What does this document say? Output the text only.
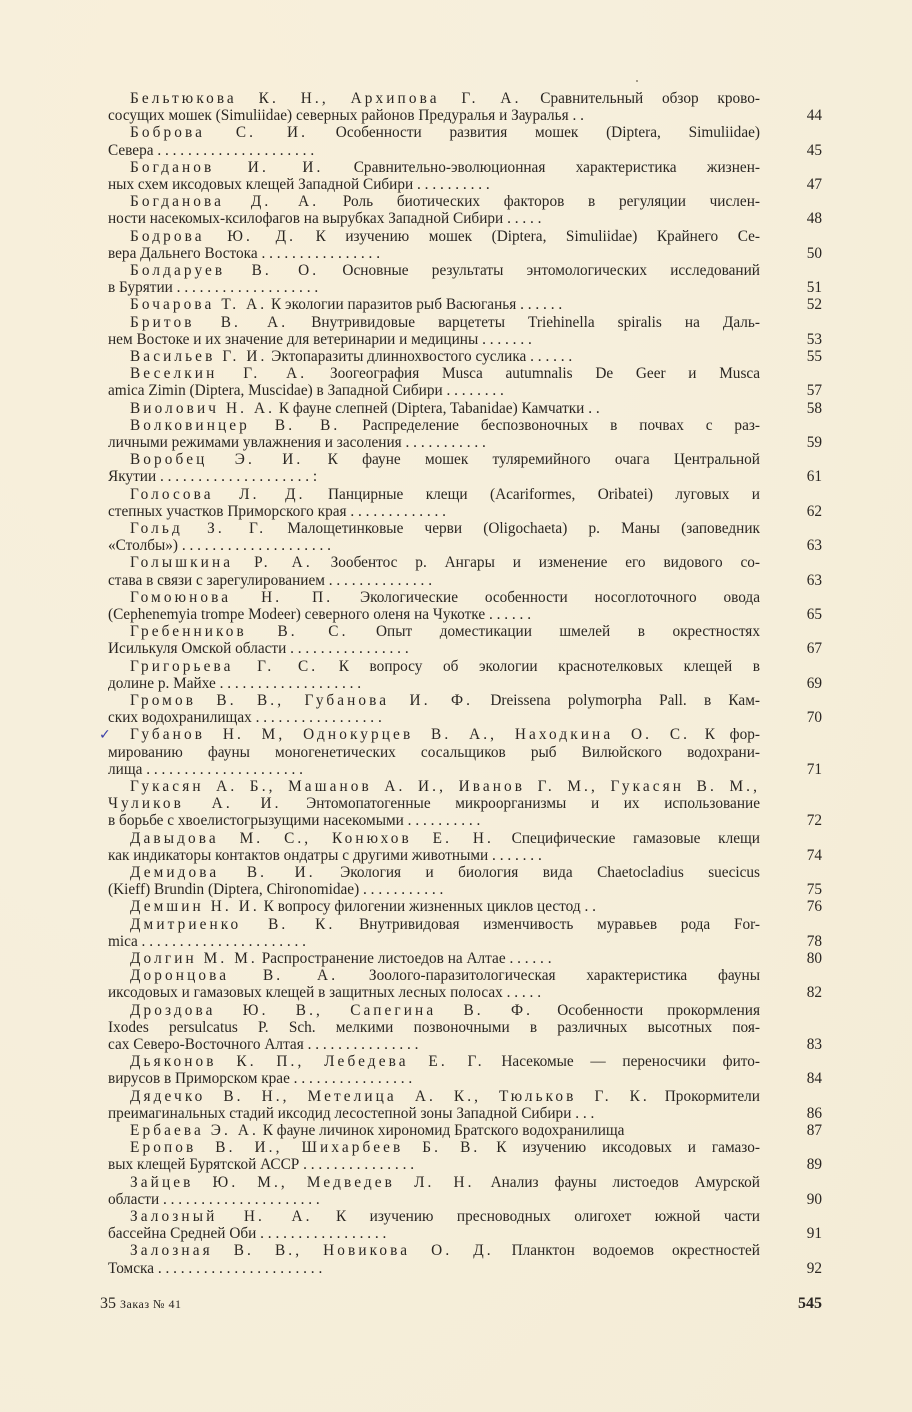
Бельтюкова К. Н., Архипова Г. А. Сравнительный обзор крово-
сосущих мошек (Simuliidae) северных районов Предуралья и Зауралья . .	44
Боброва С. И. Особенности развития мошек (Diptera, Simuliidae)
Севера . . . . . . . . . . . . . . . . . . . . .	45
Богданов И. И. Сравнительно-эволюционная характеристика жизнен-
ных схем иксодовых клещей Западной Сибири . . . . . . . . . .	47
Богданова Д. А. Роль биотических факторов в регуляции числен-
ности насекомых-ксилофагов на вырубках Западной Сибири . . . . .	48
Бодрова Ю. Д. К изучению мошек (Diptera, Simuliidae) Крайнего Се-
вера Дальнего Востока . . . . . . . . . . . . . . . .	50
Болдаруев В. О. Основные результаты энтомологических исследований
в Бурятии . . . . . . . . . . . . . . . . . . .	51
Бочарова Т. А. К экологии паразитов рыб Васюганья . . . . . .	52
Бритов В. А. Внутривидовые варцететы Triehinella spiralis на Даль-
нем Востоке и их значение для ветеринарии и медицины . . . . . . .	53
Васильев Г. И. Эктопаразиты длиннохвостого суслика . . . . . .	55
Веселкин Г. А. Зоогеография Musca autumnalis De Geer и Musca
amica Zimin (Diptera, Muscidae) в Западной Сибири . . . . . . . .	57
Виолович Н. А. К фауне слепней (Diptera, Tabanidae) Камчатки . .	58
Волковинцер В. В. Распределение беспозвоночных в почвах с раз-
личными режимами увлажнения и засоления . . . . . . . . . . .	59
Воробец Э. И. К фауне мошек туляремийного очага Центральной
Якутии . . . . . . . . . . . . . . . . . . . . :	61
Голосова Л. Д. Панцирные клещи (Acariformes, Oribatei) луговых и
степных участков Приморского края . . . . . . . . . . . . .	62
Гольд З. Г. Малощетинковые черви (Oligochaeta) р. Маны (заповедник
«Столбы») . . . . . . . . . . . . . . . . . . . .	63
Голышкина Р. А. Зообентос р. Ангары и изменение его видового со-
става в связи с зарегулированием . . . . . . . . . . . . . .	63
Гомоюнова Н. П. Экологические особенности носоглоточного овода
(Cephenemyia trompe Modeer) северного оленя на Чукотке . . . . . .	65
Гребенников В. С. Опыт доместикации шмелей в окрестностях
Исилькуля Омской области . . . . . . . . . . . . . . . .	67
Григорьева Г. С. К вопросу об экологии краснотелковых клещей в
долине р. Майхе . . . . . . . . . . . . . . . . . . .	69
Громов В. В., Губанова И. Ф. Dreissena polymorpha Pall. в Кам-
ских водохранилищах . . . . . . . . . . . . . . . . .	70
✓	Губанов Н. М, Однокурцев В. А., Находкина О. С. К фор-
мированию фауны моногенетических сосальщиков рыб Вилюйского водохрани-
лища . . . . . . . . . . . . . . . . . . . . .	71
Гукасян А. Б., Машанов А. И., Иванов Г. М., Гукасян В. М.,
Чуликов А. И. Энтомопатогенные микроорганизмы и их использование
в борьбе с хвоелистогрызущими насекомыми . . . . . . . . . .	72
Давыдова М. С., Конюхов Е. Н. Специфические гамазовые клещи
как индикаторы контактов ондатры с другими животными . . . . . . .	74
Демидова В. И. Экология и биология вида Chaetocladius suecicus
(Kieff) Brundin (Diptera, Chironomidae) . . . . . . . . . . .	75
Демшин Н. И. К вопросу филогении жизненных циклов цестод . .	76
Дмитриенко В. К. Внутривидовая изменчивость муравьев рода For-
mica . . . . . . . . . . . . . . . . . . . . . .	78
Долгин М. М. Распространение листоедов на Алтае . . . . . .	80
Доронцова В. А. Зоолого-паразитологическая характеристика фауны
иксодовых и гамазовых клещей в защитных лесных полосах . . . . .	82
Дроздова Ю. В., Сапегина В. Ф. Особенности прокормления
Ixodes persulcatus P. Sch. мелкими позвоночными в различных высотных поя-
сах Северо-Восточного Алтая . . . . . . . . . . . . . . .	83
Дьяконов К. П., Лебедева Е. Г. Насекомые — переносчики фито-
вирусов в Приморском крае . . . . . . . . . . . . . . . .	84
Дядечко В. Н., Метелица А. К., Тюльков Г. К. Прокормители
преимагинальных стадий иксодид лесостепной зоны Западной Сибири . . .	86
Ербаева Э. А. К фауне личинок хирономид Братского водохранилища	87
Еропов В. И., Шихарбеев Б. В. К изучению иксодовых и гамазо-
вых клещей Бурятской АССР . . . . . . . . . . . . . . .	89
Зайцев Ю. М., Медведев Л. Н. Анализ фауны листоедов Амурской
области . . . . . . . . . . . . . . . . . . . . .	90
Залозный Н. А. К изучению пресноводных олигохет южной части
бассейна Средней Оби . . . . . . . . . . . . . . . . .	91
Залозная В. В., Новикова О. Д. Планктон водоемов окрестностей
Томска . . . . . . . . . . . . . . . . . . . . . .	92
35 Заказ № 41	545
